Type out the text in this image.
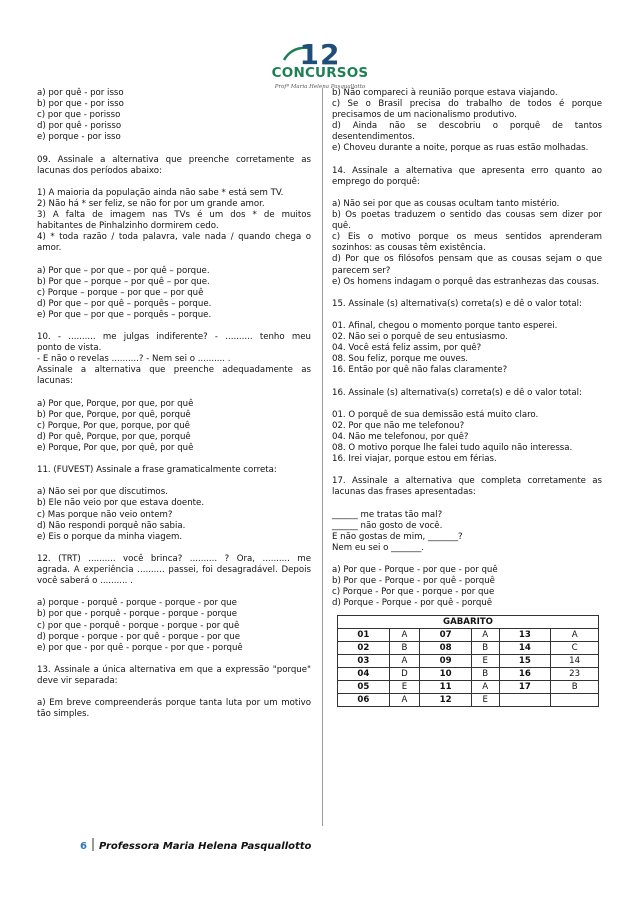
12
CONCURSOS
Profª Maria Helena Pasquallotto

a) por quê - por isso

b) por que - por isso

c) por que - porisso

d) por quê - porisso

e) porque - por isso

09. Assinale a alternativa que preenche corretamente as

lacunas dos períodos abaixo:

1) A maioria da população ainda não sabe * está sem TV.

2) Não há * ser feliz, se não for por um grande amor.

3) A falta de imagem nas TVs é um dos * de muitos

habitantes de Pinhalzinho dormirem cedo.

4) * toda razão / toda palavra, vale nada / quando chega o

amor.

a) Por que – por que – por quê – porque.

b) Por que – porque – por quê – por que.

c) Porque – porque – por que – por quê

d) Por que – por quê – porquês – porque.

e) Por que – por que – porquês – porque.

10. - .......... me julgas indiferente? - .......... tenho meu

ponto de vista.

- E não o revelas ..........? - Nem sei o .......... .

Assinale a alternativa que preenche adequadamente as

lacunas:

a) Por que, Porque, por que, por quê

b) Por que, Porque, por quê, porquê

c) Porque, Por que, porque, por quê

d) Por quê, Porque, por que, porquê

e) Porque, Por que, por quê, por quê

11. (FUVEST) Assinale a frase gramaticalmente correta:

a) Não sei por que discutimos.

b) Ele não veio por que estava doente.

c) Mas porque não veio ontem?

d) Não respondi porquê não sabia.

e) Eis o porque da minha viagem.

12. (TRT) .......... você brinca? .......... ? Ora, .......... me

agrada. A experiência .......... passei, foi desagradável. Depois

você saberá o .......... .

a) porque - porquê - porque - porque - por que

b) por que - porquê - porque - porque - porque

c) por que - porquê - porque - porque - por quê

d) porque - porque - por quê - porque - por que

e) por que - por quê - porque - por que - porquê

13. Assinale a única alternativa em que a expressão "porque"

deve vir separada:

a) Em breve compreenderás porque tanta luta por um motivo

tão simples.

b) Não compareci à reunião porque estava viajando.

c) Se o Brasil precisa do trabalho de todos é porque

precisamos de um nacionalismo produtivo.

d) Ainda não se descobriu o porquê de tantos

desentendimentos.

e) Choveu durante a noite, porque as ruas estão molhadas.

14. Assinale a alternativa que apresenta erro quanto ao

emprego do porquê:

a) Não sei por que as cousas ocultam tanto mistério.

b) Os poetas traduzem o sentido das cousas sem dizer por

quê.

c) Eis o motivo porque os meus sentidos aprenderam

sozinhos: as cousas têm existência.

d) Por que os filósofos pensam que as cousas sejam o que

parecem ser?

e) Os homens indagam o porquê das estranhezas das cousas.

15. Assinale (s) alternativa(s) correta(s) e dê o valor total:

01. Afinal, chegou o momento porque tanto esperei.

02. Não sei o porquê de seu entusiasmo.

04. Você está feliz assim, por quê?

08. Sou feliz, porque me ouves.

16. Então por quê não falas claramente?

16. Assinale (s) alternativa(s) correta(s) e dê o valor total:

01. O porquê de sua demissão está muito claro.

02. Por que não me telefonou?

04. Não me telefonou, por quê?

08. O motivo porque lhe falei tudo aquilo não interessa.

16. Irei viajar, porque estou em férias.

17. Assinale a alternativa que completa corretamente as

lacunas das frases apresentadas:

______ me tratas tão mal?

______ não gosto de você.

E não gostas de mim, _______?

Nem eu sei o _______.

a) Por que - Porque - por que - por quê

b) Por que - Porque - por quê - porquê

c) Porque - Por que - porque - por que

d) Porque - Porque - por quê - porquê

GABARITO					
01	A	07	A	13	A
02	B	08	B	14	C
03	A	09	E	15	14
04	D	10	B	16	23
05	E	11	A	17	B
06	A	12	E		
6 Professora Maria Helena Pasquallotto
